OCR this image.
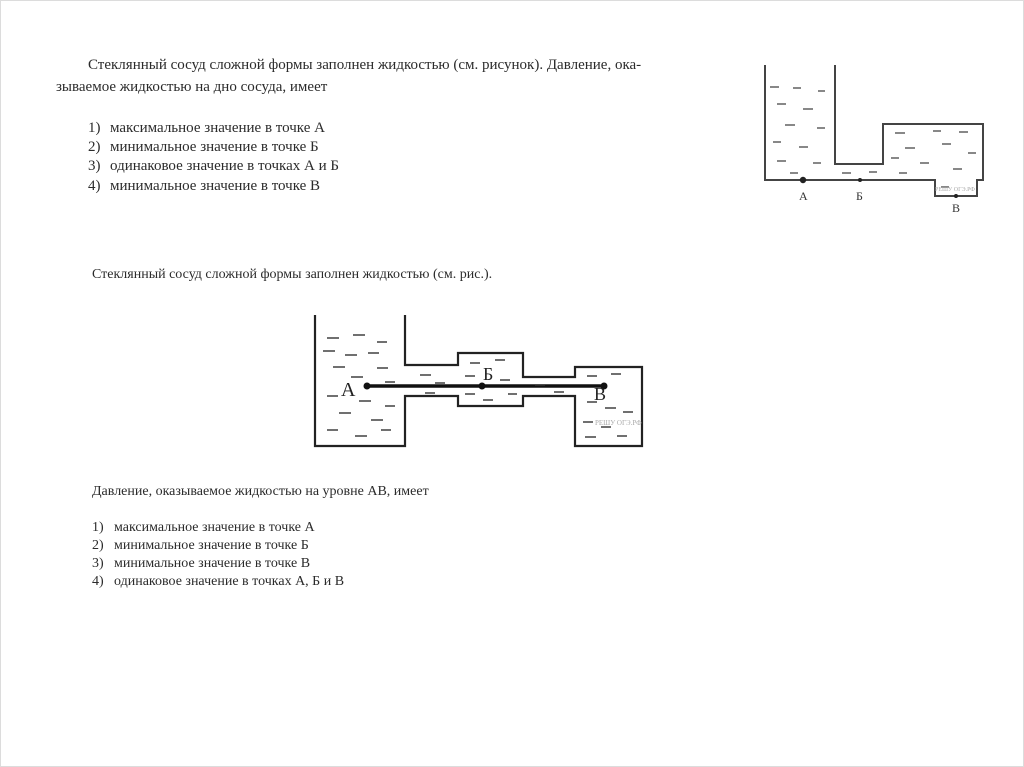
Стеклянный сосуд сложной формы заполнен жидкостью (см. рисунок). Давление, ока-
зываемое жидкостью на дно сосуда, имеет
1) максимальное значение в точке А
2) минимальное значение в точке Б
3) одинаковое значение в точках А и Б
4) минимальное значение в точке В
А	Б
В
РЕШУ ОГЭ.РФ
Стеклянный сосуд сложной формы заполнен жидкостью (см. рис.).
А
Б
В
РЕШУ ОГЭ.РФ
Давление, оказываемое жидкостью на уровне АВ, имеет
1) максимальное значение в точке А
2) минимальное значение в точке Б
3) минимальное значение в точке В
4) одинаковое значение в точках А, Б и В
